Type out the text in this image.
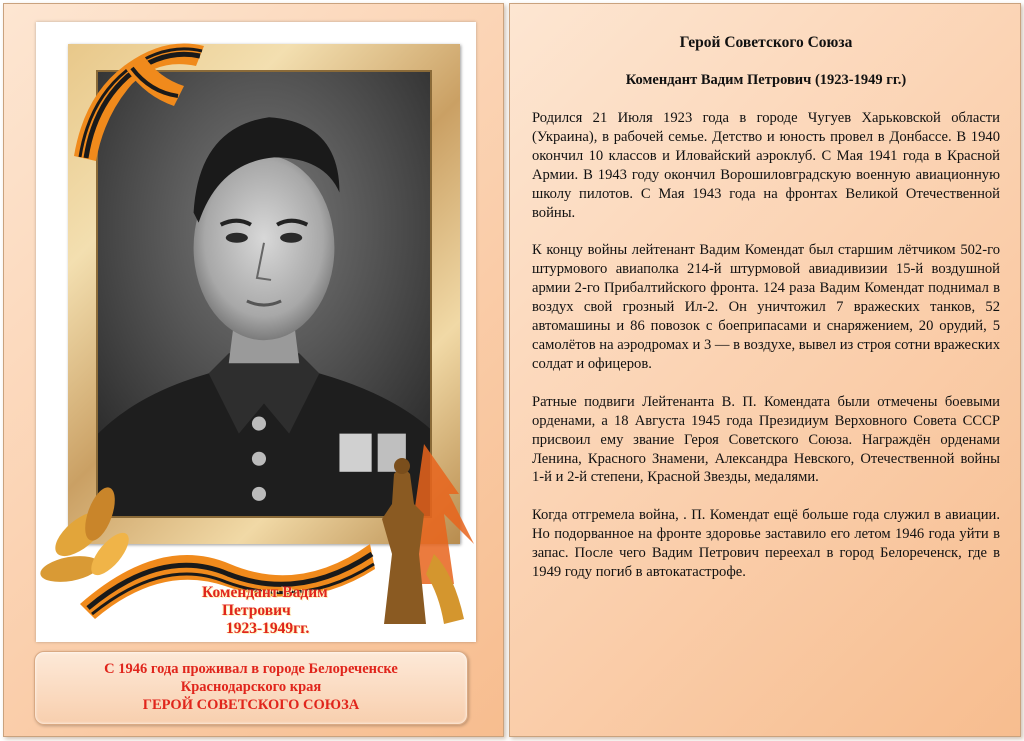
Комендант Вадим
Петрович
1923-1949гг.
С 1946 года проживал в городе Белореченске
Краснодарского края
ГЕРОЙ СОВЕТСКОГО СОЮЗА
Герой Советского Союза
Комендант Вадим Петрович (1923-1949 гг.)

Родился 21 Июля 1923 года в городе Чугуев Харьковской области (Украина), в рабочей семье. Детство и юность провел в Донбассе. В 1940 окончил 10 классов и Иловайский аэроклуб. С Мая 1941 года в Красной Армии. В 1943 году окончил Ворошиловградскую военную авиационную школу пилотов. С Мая 1943 года на фронтах Великой Отечественной войны.

К концу войны лейтенант Вадим Комендат был старшим лётчиком 502-го штурмового авиаполка 214-й штурмовой авиадивизии 15-й воздушной армии 2-го Прибалтийского фронта. 124 раза Вадим Комендат поднимал в воздух свой грозный Ил-2. Он уничтожил 7 вражеских танков, 52 автомашины и 86 повозок с боеприпасами и снаряжением, 20 орудий, 5 самолётов на аэродромах и 3 — в воздухе, вывел из строя сотни вражеских солдат и офицеров.

Ратные подвиги Лейтенанта В. П. Комендата были отмечены боевыми орденами, а 18 Августа 1945 года Президиум Верховного Совета СССР присвоил ему звание Героя Советского Союза. Награждён орденами Ленина, Красного Знамени, Александра Невского, Отечественной войны 1-й и 2-й степени, Красной Звезды, медалями.

Когда отгремела война, . П. Комендат ещё больше года служил в авиации. Но подорванное на фронте здоровье заставило его летом 1946 года уйти в запас. После чего Вадим Петрович переехал в город Белореченск, где в 1949 году погиб в автокатастрофе.
